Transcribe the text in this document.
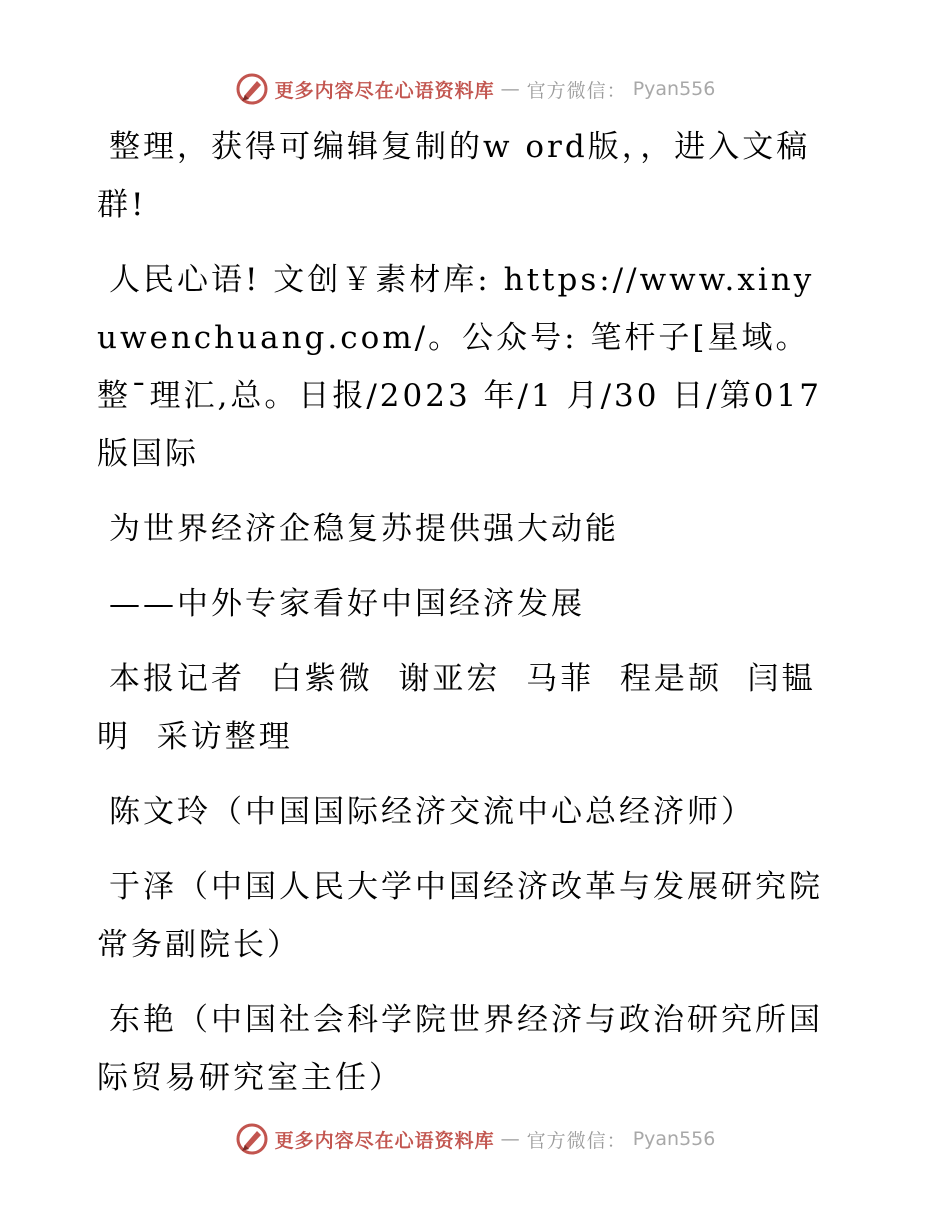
更多内容尽在心语资料库 — 官方微信： Pyan556

整理，获得可编辑复制的w ord版，，进入文稿群!

人民心语! 文创￥素材库: https://www.xinyuwenchuang.com/。公众号: 笔杆子[星域。整¯理汇,总。日报/2023 年/1 月/30 日/第017 版国际

为世界经济企稳复苏提供强大动能

——中外专家看好中国经济发展

本报记者  白紫微  谢亚宏  马菲  程是颉  闫韫明  采访整理

陈文玲（中国国际经济交流中心总经济师）

于泽（中国人民大学中国经济改革与发展研究院常务副院长）

东艳（中国社会科学院世界经济与政治研究所国际贸易研究室主任）

更多内容尽在心语资料库 — 官方微信： Pyan556
